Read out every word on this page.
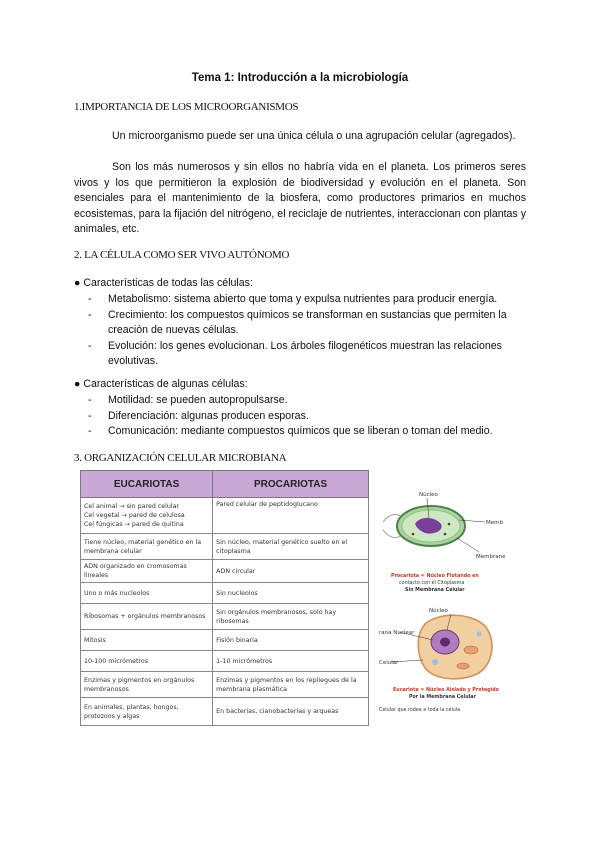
Tema 1: Introducción a la microbiología
1.IMPORTANCIA DE LOS MICROORGANISMOS
Un microorganismo puede ser una única célula o una agrupación celular (agregados).
Son los más numerosos y sin ellos no habría vida en el planeta. Los primeros seres vivos y los que permitieron la explosión de biodiversidad y evolución en el planeta. Son esenciales para el mantenimiento de la biosfera, como productores primarios en muchos ecosistemas, para la fijación del nitrógeno, el reciclaje de nutrientes, interaccionan con plantas y animales, etc.
2. LA CÉLULA COMO SER VIVO AUTÓNOMO
● Características de todas las células:
- Metabolismo: sistema abierto que toma y expulsa nutrientes para producir energía.
- Crecimiento: los compuestos químicos se transforman en sustancias que permiten la creación de nuevas células.
- Evolución: los genes evolucionan. Los árboles filogenéticos muestran las relaciones evolutivas.
● Características de algunas células:
- Motilidad: se pueden autopropulsarse.
- Diferenciación: algunas producen esporas.
- Comunicación: mediante compuestos químicos que se liberan o toman del medio.
3. ORGANIZACIÓN CELULAR MICROBIANA
EUCARIOTAS	PROCARIOTAS
Cel animal → sin pared celular
Cel vegetal → pared de celulosa
Cel fúngicas → pared de quitina	Pared celular de peptidoglucano
Tiene núcleo, material genético en la membrana celular	Sin núcleo, material genético suelto en el citoplasma
ADN organizado en cromosomas lineales	ADN circular
Uno o más nucleolos	Sin nucleolos
Ribosomas + orgánulos membranosos	Sin orgánulos membranosos, solo hay ribosomas
Mitosis	Fisión binaria
10-100 micrómetros	1-10 micrómetros
Enzimas y pigmentos en orgánulos membranosos	Enzimas y pigmentos en los repliegues de la membrana plasmática
En animales, plantas, hongos, protozoos y algas	En bacterias, cianobacterias y arqueas
Núcleo
Memb
Membrane
Procariota = Núcleo Flotando en
contacto con el Citoplasma
Sin Membrana Celular
Núcleo
rana Nuclear
Celular
Eucariota = Núcleo Aislado y Protegido
Por la Membrana Celular
Celular que rodea a toda la célula
